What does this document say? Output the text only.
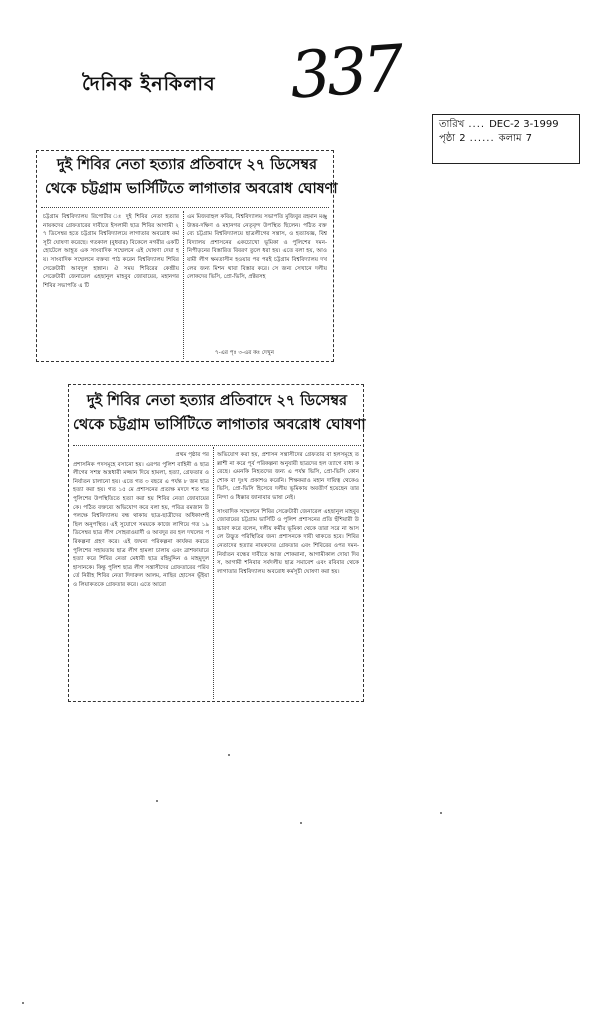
দৈনিক ইনকিলাব 337
তারিখ .... DEC-2 3-1999
পৃষ্ঠা 2 ...... কলাম 7
দুই শিবির নেতা হত্যার প্রতিবাদে ২৭ ডিসেম্বর
থেকে চট্টগ্রাম ভার্সিটিতে লাগাতার অবরোধ ঘোষণা

চট্টগ্রাম বিশ্ববিদ্যালয় রিপোর্টার ঃ দুই শিবির নেতা হত্যার নায়কদের গ্রেফতারের দাবীতে ইসলামী ছাত্র শিবির আগামী ২৭ ডিসেম্বর হতে চট্টগ্রাম বিশ্ববিদ্যালয়ে লাগাতার অবরোধ কর্মসূচী ঘোষণা করেছে। গতকাল (বুধবার) বিকেলে নগরীর একটি হোটেলে আহূত এক সাংবাদিক সম্মেলনে এই ঘোষণা দেয়া হয়। সাংবাদিক সম্মেলনে বক্তব্য পাঠ করেন বিশ্ববিদ্যালয় শিবির সেক্রেটারী আবদুল হান্নান। ঐ সময় শিবিরের কেন্দ্রীয় সেক্রেটারী জেনারেল এহছানুল মাহবুব জোবায়ের, মহানগর শিবির সভাপতি এ টি

এম মিজবাহুল কবির, বিশ্ববিদ্যালয় সভাপতি মুজিবুর রহমান মঞ্জু উত্তর-দক্ষিণ ও মহানগর নেতৃবৃন্দ উপস্থিত ছিলেন। পঠিত বক্তব্যে চট্টগ্রাম বিশ্ববিদ্যালয়ে ছাত্রলীগের সন্ত্রাস, ও হত্যাযজ্ঞ, বিশ্ববিদ্যালয় প্রশাসনের একচোখো ভূমিকা ও পুলিশের দমন-নিপীড়নের বিস্তারিত বিবরণ তুলে ধরা হয়। এতে বলা হয়, আওয়ামী লীগ ক্ষমতাসীন হওয়ার পর পরই চট্টগ্রাম বিশ্ববিদ্যালয় দখলের জন্য মিশন থাবা বিস্তার করে। সে জন্য সেখানে দলীয় লোকদের ভিসি, প্রো-ভিসি, প্রক্টরসহ

৭-এর পৃঃ ৩-এর কঃ দেখুন
দুই শিবির নেতা হত্যার প্রতিবাদে ২৭ ডিসেম্বর
থেকে চট্টগ্রাম ভার্সিটিতে লাগাতার অবরোধ ঘোষণা

প্রথম পৃষ্ঠার পর

প্রশাসনিক পদসমূহে বসানো হয়। এরপর পুলিশ বাহিনী ও ছাত্রলীগের সশস্ত্র অস্ত্রধারী মজ্জান দিয়ে হামলা, হত্যা, গ্রেফতার ও নির্যাতন চালানো হয়। এতে গত ৩ বছরে এ পর্যন্ত ৮ জন ছাত্র হত্যা করা হয়। গত ১৫ মে প্রশাসনের প্রত্যক্ষ মদদে শত শত পুলিশের উপস্থিতিতে হত্যা করা হয় শিবির নেতা জোবায়েরকে। পঠিত বক্তব্যে অভিযোগ করে বলা হয়, পবিত্র রমজান উপলক্ষে বিশ্ববিদ্যালয় বন্ধ থাকায় ছাত্র-ছাত্রীদের অধিকাংশই ছিল অনুপস্থিত। এই সুযোগে সময়কে কাজে লাগিয়ে গত ১৯ ডিসেম্বর ছাত্র লীগ সোহরাওয়ার্দী ও আবদুর রব হল দখলের পরিকল্পনা গ্রহণ করে। এই জঘন্য পরিকল্পনা কার্যকর করতে পুলিশের সহায়তায় ছাত্র লীগ হামলা চালায় এবং ব্রাশফায়ারে হত্যা করে শিবির নেতা মেধাবী ছাত্র রহিমুদ্দিন ও মাহমুদুল হাসানকে। কিন্তু পুলিশ ছাত্র লীগ সন্ত্রাসীদের গ্রেফতারের পরিবর্তে নিরীহ শিবির নেতা দিদারুল আলম, নাছির হোসেন ভূঁইয়া ও লিয়াকতকে গ্রেফতার করে। এতে আরো

অভিযোগ করা হয়, প্রশাসন সন্ত্রাসীদের গ্রেফতার বা হলসমূহে তল্লাশী না করে পূর্ব পরিকল্পনা অনুযায়ী ছাত্রদের হল ত্যাগে বাধ্য করেছে। এমনকি নিহতদের জন্য এ পর্যন্ত ভিসি, প্রো-ভিসি কোন শোক বা দুঃখ প্রকাশও করেনি। শিক্ষকরাও মহান দায়িত্ব থেকেও ভিসি, প্রো-ভিসি হিসেবে দলীয় ভূমিকায় অবতীর্ণ হয়েছেন তার নিন্দা ও ধিক্কার জানাবার ভাষা নেই।

সাংবাদিক সম্মেলনে শিবির সেক্রেটারী জেনারেল এহছানুল মাহবুব জোবায়ের চট্টগ্রাম ভার্সিটি ও পুলিশ প্রশাসনের প্রতি হুঁশিয়ারী উচ্চারণ করে বলেন, দলীয় কর্মীর ভূমিকা থেকে তারা সরে না আসলে উদ্ভূত পরিস্থিতির জন্য প্রশাসনকে দায়ী থাকতে হবে। শিবির নেতাদের হত্যার নায়কদের গ্রেফতার এবং শিবিরের ওপর দমন-নির্যাতন বন্ধের দাবীতে আজ শোকরানা, আগামীকাল দোয়া দিবস, আগামী শনিবার সর্বদলীয় ছাত্র সমাবেশ এবং রবিবার থেকে লাগাতার বিশ্ববিদ্যালয় অবরোধ কর্মসূচী ঘোষণা করা হয়।
